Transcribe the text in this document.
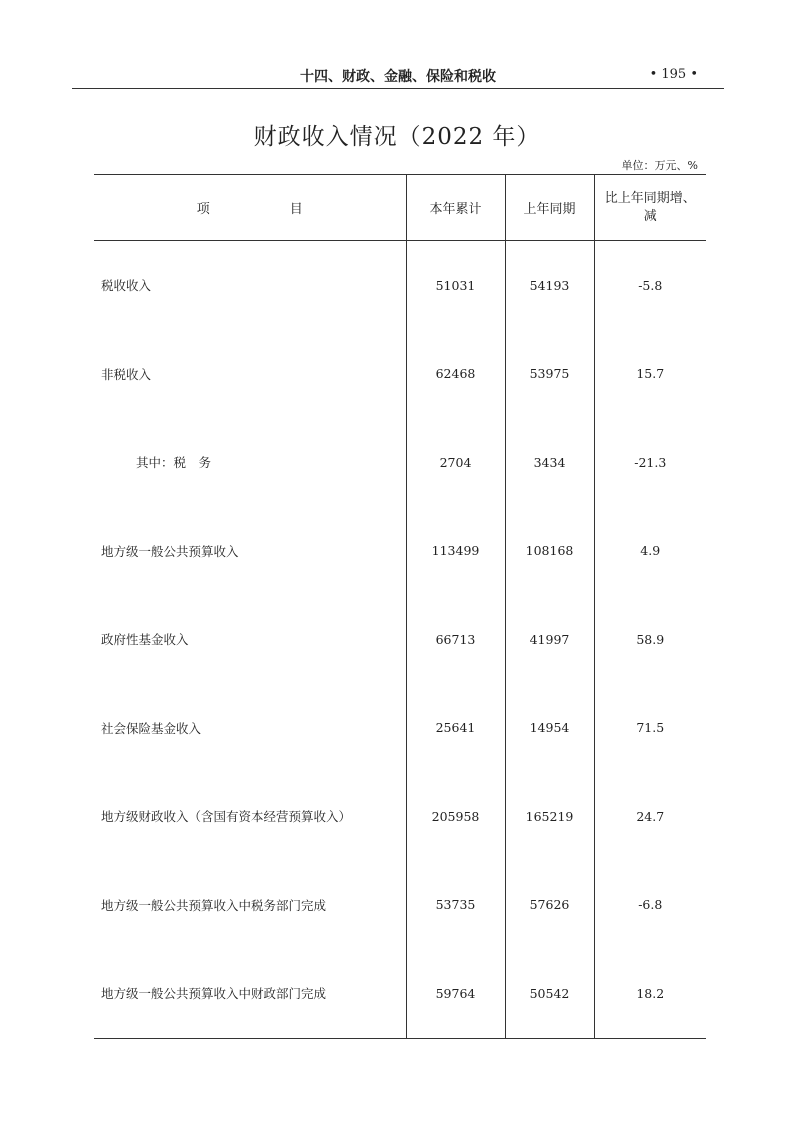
十四、财政、金融、保险和税收	• 195 •
财政收入情况（2022 年）
单位：万元、%
项 目	本年累计	上年同期	比上年同期增、减
税收收入	51031	54193	-5.8
非税收入	62468	53975	15.7
其中：税　务	2704	3434	-21.3
地方级一般公共预算收入	113499	108168	4.9
政府性基金收入	66713	41997	58.9
社会保险基金收入	25641	14954	71.5
地方级财政收入（含国有资本经营预算收入）	205958	165219	24.7
地方级一般公共预算收入中税务部门完成	53735	57626	-6.8
地方级一般公共预算收入中财政部门完成	59764	50542	18.2
